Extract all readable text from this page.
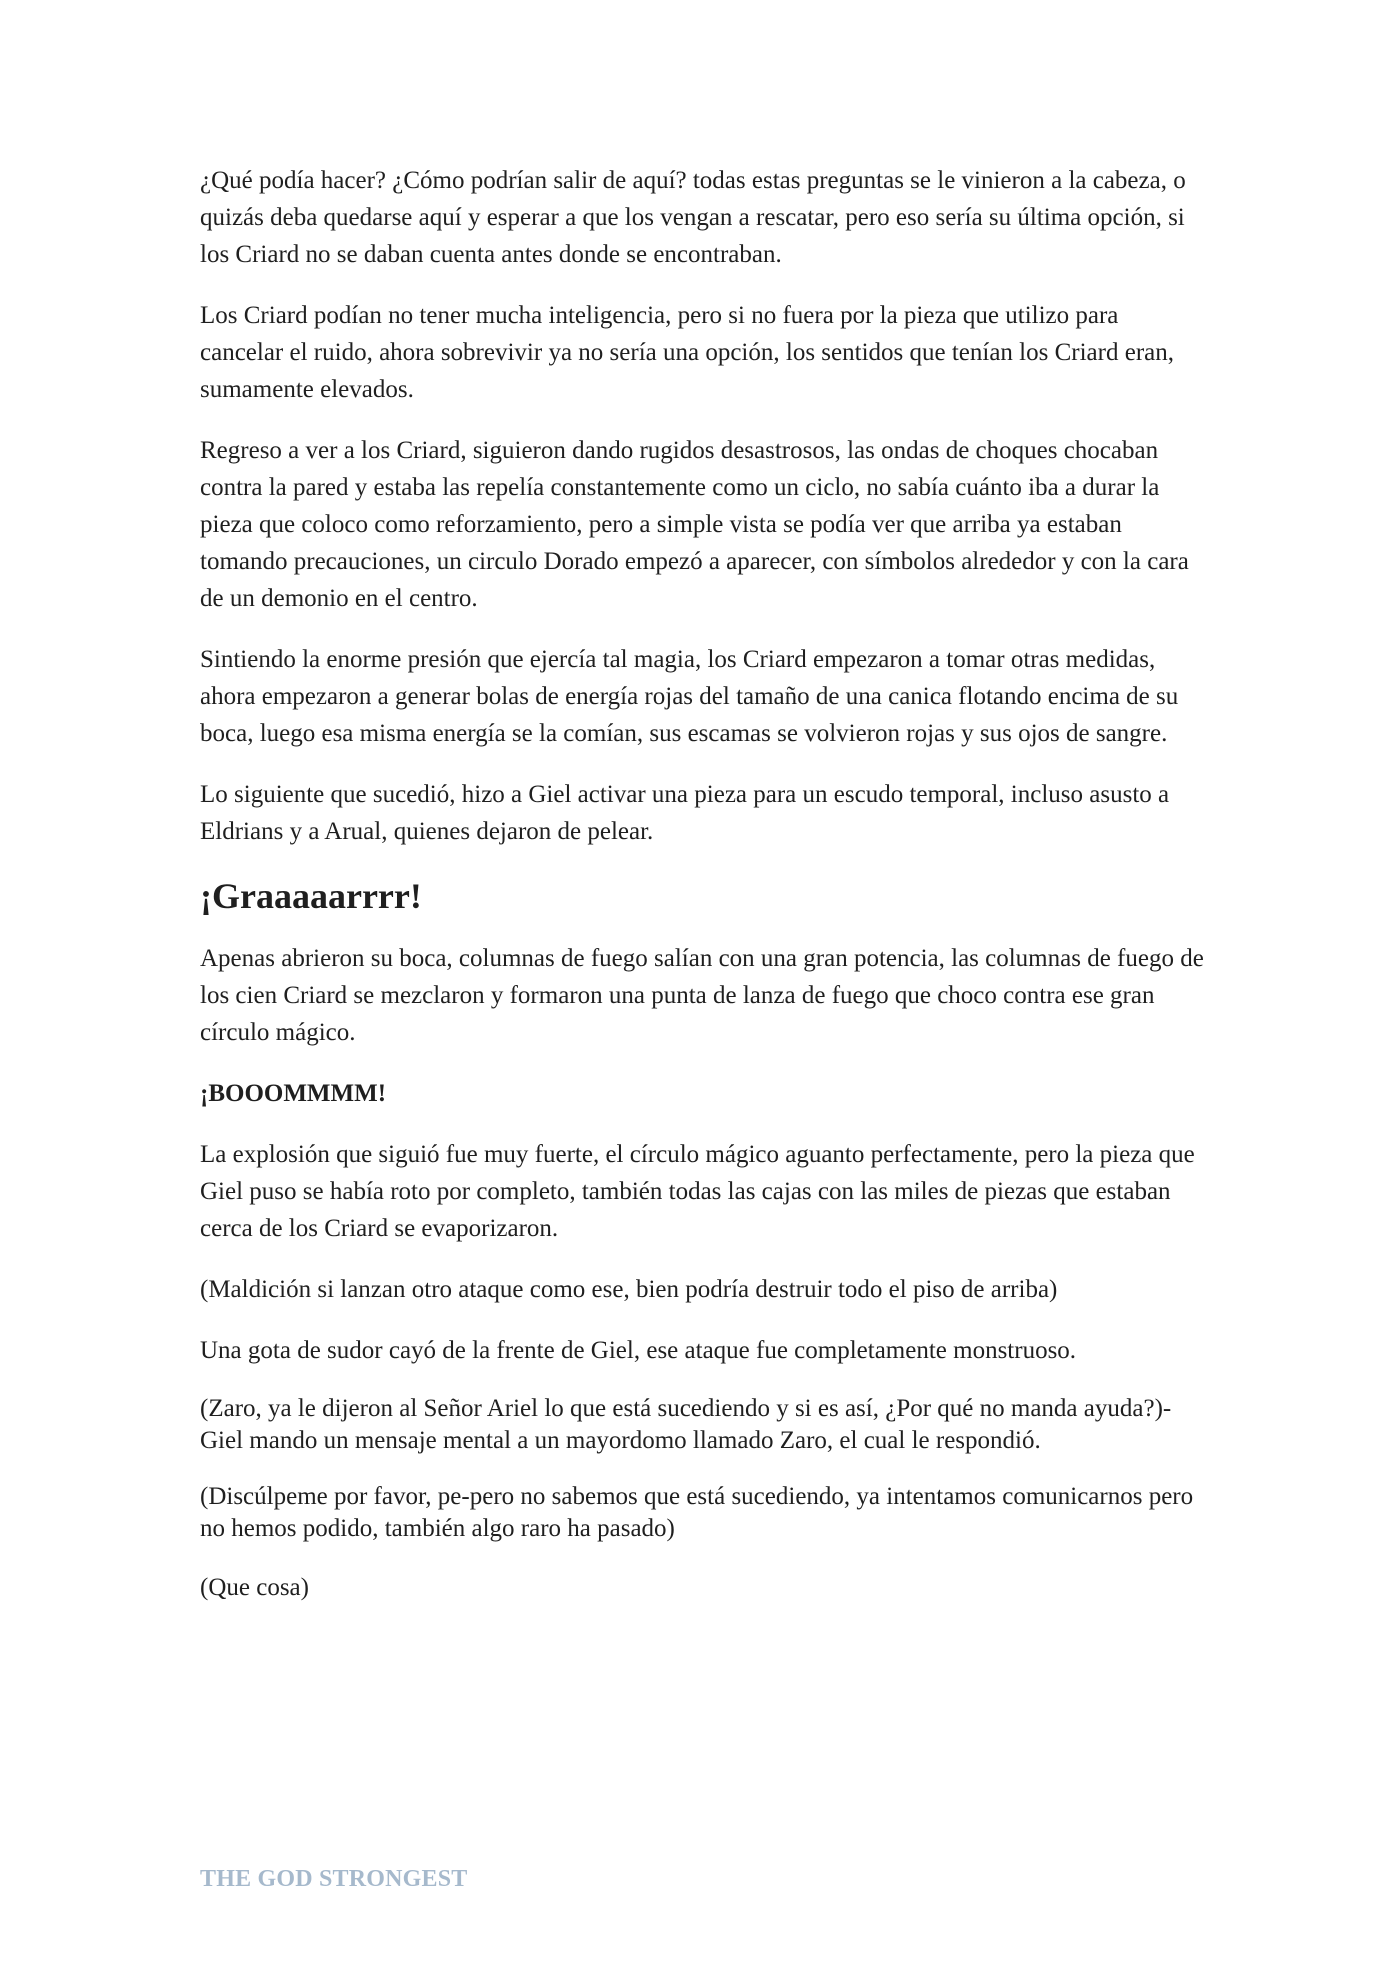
¿Qué podía hacer? ¿Cómo podrían salir de aquí? todas estas preguntas se le vinieron a la cabeza, o quizás deba quedarse aquí y esperar a que los vengan a rescatar, pero eso sería su última opción, si los Criard no se daban cuenta antes donde se encontraban.

Los Criard podían no tener mucha inteligencia, pero si no fuera por la pieza que utilizo para cancelar el ruido, ahora sobrevivir ya no sería una opción, los sentidos que tenían los Criard eran, sumamente elevados.

Regreso a ver a los Criard, siguieron dando rugidos desastrosos, las ondas de choques chocaban contra la pared y estaba las repelía constantemente como un ciclo, no sabía cuánto iba a durar la pieza que coloco como reforzamiento, pero a simple vista se podía ver que arriba ya estaban tomando precauciones, un circulo Dorado empezó a aparecer, con símbolos alrededor y con la cara de un demonio en el centro.

Sintiendo la enorme presión que ejercía tal magia, los Criard empezaron a tomar otras medidas, ahora empezaron a generar bolas de energía rojas del tamaño de una canica flotando encima de su boca, luego esa misma energía se la comían, sus escamas se volvieron rojas y sus ojos de sangre.

Lo siguiente que sucedió, hizo a Giel activar una pieza para un escudo temporal, incluso asusto a Eldrians y a Arual, quienes dejaron de pelear.

¡Graaaaarrrr!

Apenas abrieron su boca, columnas de fuego salían con una gran potencia, las columnas de fuego de los cien Criard se mezclaron y formaron una punta de lanza de fuego que choco contra ese gran círculo mágico.

¡BOOOMMMM!

La explosión que siguió fue muy fuerte, el círculo mágico aguanto perfectamente, pero la pieza que Giel puso se había roto por completo, también todas las cajas con las miles de piezas que estaban cerca de los Criard se evaporizaron.

(Maldición si lanzan otro ataque como ese, bien podría destruir todo el piso de arriba)

Una gota de sudor cayó de la frente de Giel, ese ataque fue completamente monstruoso.

(Zaro, ya le dijeron al Señor Ariel lo que está sucediendo y si es así, ¿Por qué no manda ayuda?)-Giel mando un mensaje mental a un mayordomo llamado Zaro, el cual le respondió.

(Discúlpeme por favor, pe-pero no sabemos que está sucediendo, ya intentamos comunicarnos pero no hemos podido, también algo raro ha pasado)

(Que cosa)

THE GOD STRONGEST
